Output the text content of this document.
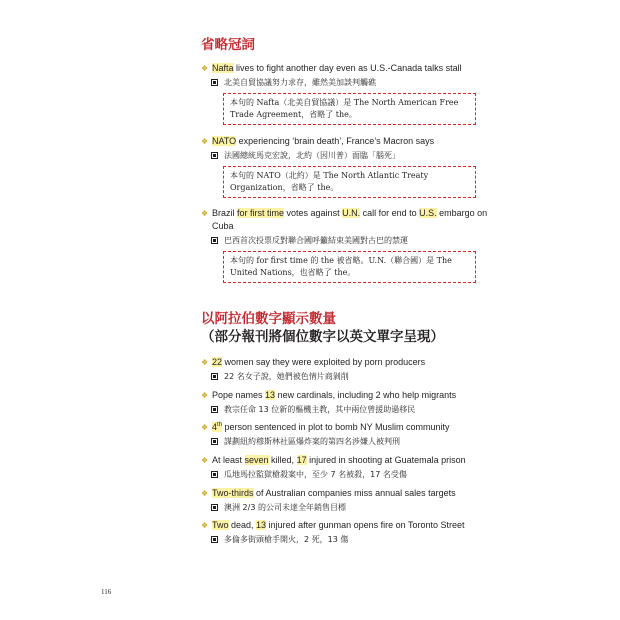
省略冠詞
❖ Nafta lives to fight another day even as U.S.-Canada talks stall
北美自貿協議努力求存，雖然美加談判觸礁
本句的 Nafta（北美自貿協議）是 The North American Free Trade Agreement，省略了 the。
❖ NATO experiencing ‘brain death’, France’s Macron says
法國總統馬克宏說，北約（因川普）面臨「腦死」
本句的 NATO（北約）是 The North Atlantic Treaty Organization，省略了 the。
❖ Brazil for first time votes against U.N. call for end to U.S. embargo on Cuba
巴西首次投票反對聯合國呼籲結束美國對古巴的禁運
本句的 for first time 的 the 被省略。U.N.（聯合國）是 The United Nations，也省略了 the。
以阿拉伯數字顯示數量
（部分報刊將個位數字以英文單字呈現）
❖ 22 women say they were exploited by porn producers
22 名女子說，她們被色情片商剝削
❖ Pope names 13 new cardinals, including 2 who help migrants
教宗任命 13 位新的樞機主教，其中兩位曾援助過移民
❖ 4th person sentenced in plot to bomb NY Muslim community
謀劃紐約穆斯林社區爆炸案的第四名涉嫌人被判刑
❖ At least seven killed, 17 injured in shooting at Guatemala prison
瓜地馬拉監獄槍殺案中，至少 7 名被殺，17 名受傷
❖ Two-thirds of Australian companies miss annual sales targets
澳洲 2/3 的公司未達全年銷售目標
❖ Two dead, 13 injured after gunman opens fire on Toronto Street
多倫多街頭槍手開火，2 死，13 傷
116
